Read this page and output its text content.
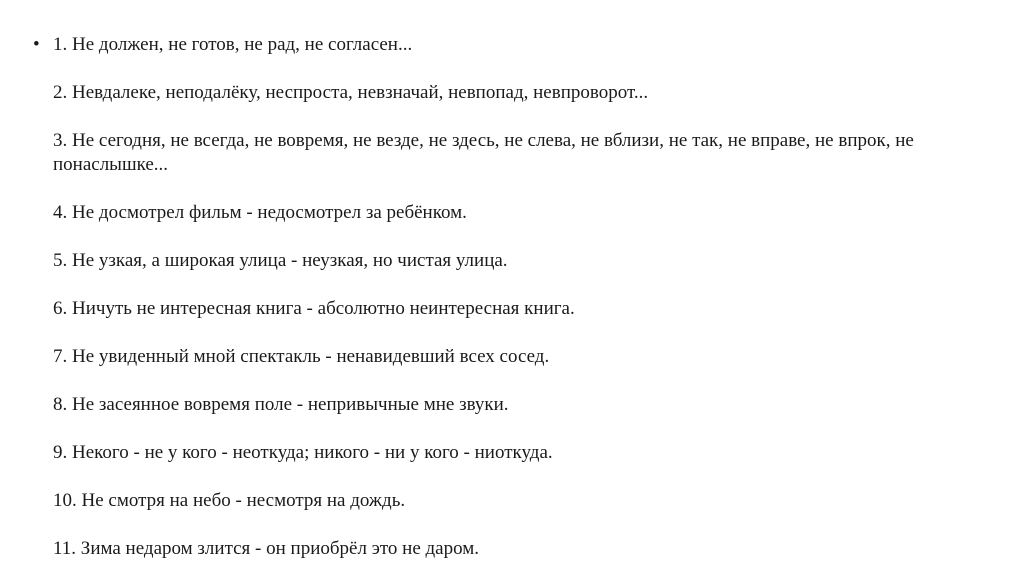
• 1. Не должен, не готов, не рад, не согласен...

2. Невдалеке, неподалёку, неспроста, невзначай, невпопад, невпроворот...

3. Не сегодня, не всегда, не вовремя, не везде, не здесь, не слева, не вблизи, не так, не вправе, не впрок, не понаслышке...

4. Не досмотрел фильм - недосмотрел за ребёнком.

5. Не узкая, а широкая улица - неузкая, но чистая улица.

6. Ничуть не интересная книга - абсолютно неинтересная книга.

7. Не увиденный мной спектакль - ненавидевший всех сосед.

8. Не засеянное вовремя поле - непривычные мне звуки.

9. Некого - не у кого - неоткуда; никого - ни у кого - ниоткуда.

10. Не смотря на небо - несмотря на дождь.

11. Зима недаром злится - он приобрёл это не даром.
